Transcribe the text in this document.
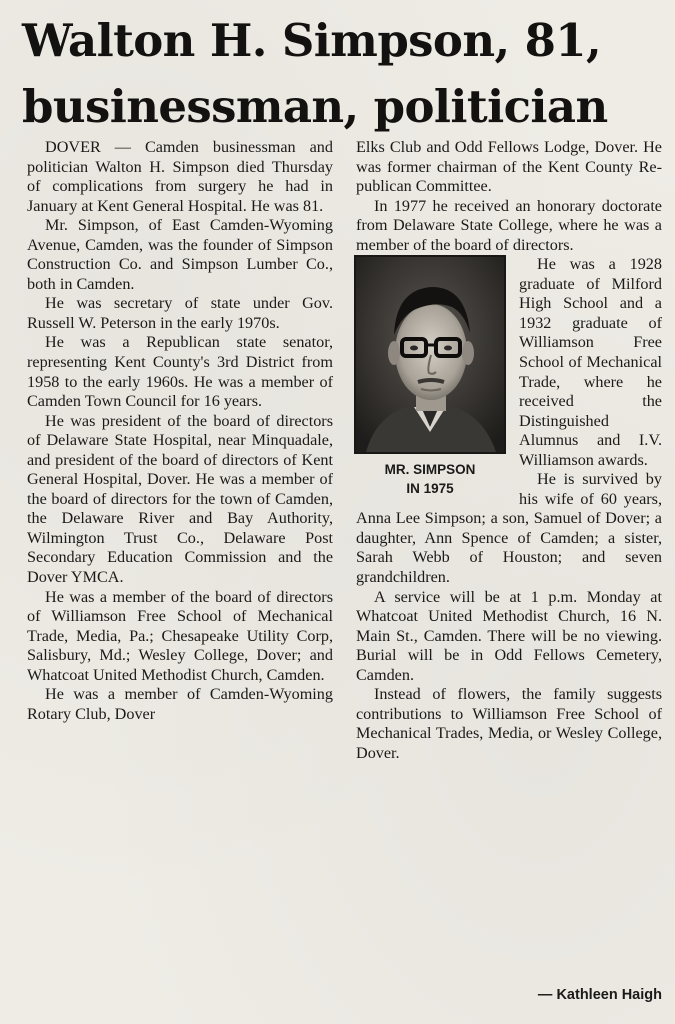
Walton H. Simpson, 81,
businessman, politician

DOVER — Camden businessman and politician Walton H. Simpson died Thursday of complications from surgery he had in January at Kent General Hospital. He was 81.

Mr. Simpson, of East Camden-Wyoming Avenue, Camden, was the founder of Simpson Construction Co. and Simpson Lumber Co., both in Camden.

He was secretary of state under Gov. Russell W. Peterson in the early 1970s.

He was a Republican state senator, representing Kent County's 3rd District from 1958 to the early 1960s. He was a member of Camden Town Council for 16 years.

He was president of the board of directors of Delaware State Hospital, near Minquadale, and president of the board of directors of Kent General Hospital, Dover. He was a member of the board of directors for the town of Camden, the Delaware River and Bay Authority, Wilmington Trust Co., Delaware Post Secondary Education Commission and the Dover YMCA.

He was a member of the board of directors of Williamson Free School of Mechanical Trade, Media, Pa.; Chesapeake Utility Corp, Salisbury, Md.; Wesley College, Dover; and Whatcoat United Methodist Church, Camden.

He was a member of Camden-Wyoming Rotary Club, Dover

Elks Club and Odd Fellows Lodge, Dover. He was former chairman of the Kent County Republican Committee.

In 1977 he received an honorary doctorate from Delaware State College, where he was a member of the board of directors.

MR. SIMPSON
IN 1975

He was a 1928 graduate of Milford High School and a 1932 graduate of Williamson Free School of Mechanical Trade, where he received the Distinguished Alumnus and I.V. Williamson awards.

He is survived by his wife of 60 years, Anna Lee Simpson; a son, Samuel of Dover; a daughter, Ann Spence of Camden; a sister, Sarah Webb of Houston; and seven grandchildren.

A service will be at 1 p.m. Monday at Whatcoat United Methodist Church, 16 N. Main St., Camden. There will be no viewing. Burial will be in Odd Fellows Cemetery, Camden.

Instead of flowers, the family suggests contributions to Williamson Free School of Mechanical Trades, Media, or Wesley College, Dover.

— Kathleen Haigh
